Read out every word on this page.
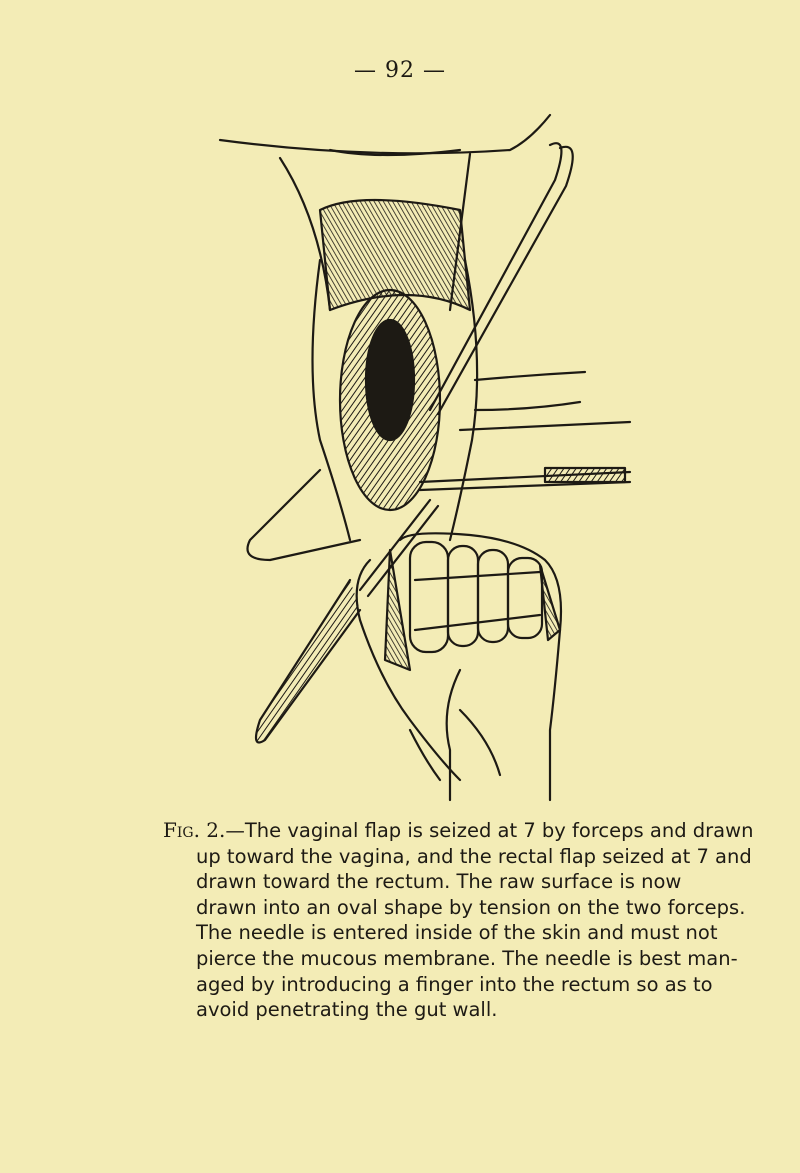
— 92 —
Fig. 2.—The vaginal flap is seized at 7 by forceps and drawn
up toward the vagina, and the rectal flap seized at 7 and
drawn toward the rectum. The raw surface is now
drawn into an oval shape by tension on the two forceps.
The needle is entered inside of the skin and must not
pierce the mucous membrane. The needle is best man-
aged by introducing a finger into the rectum so as to
avoid penetrating the gut wall.
